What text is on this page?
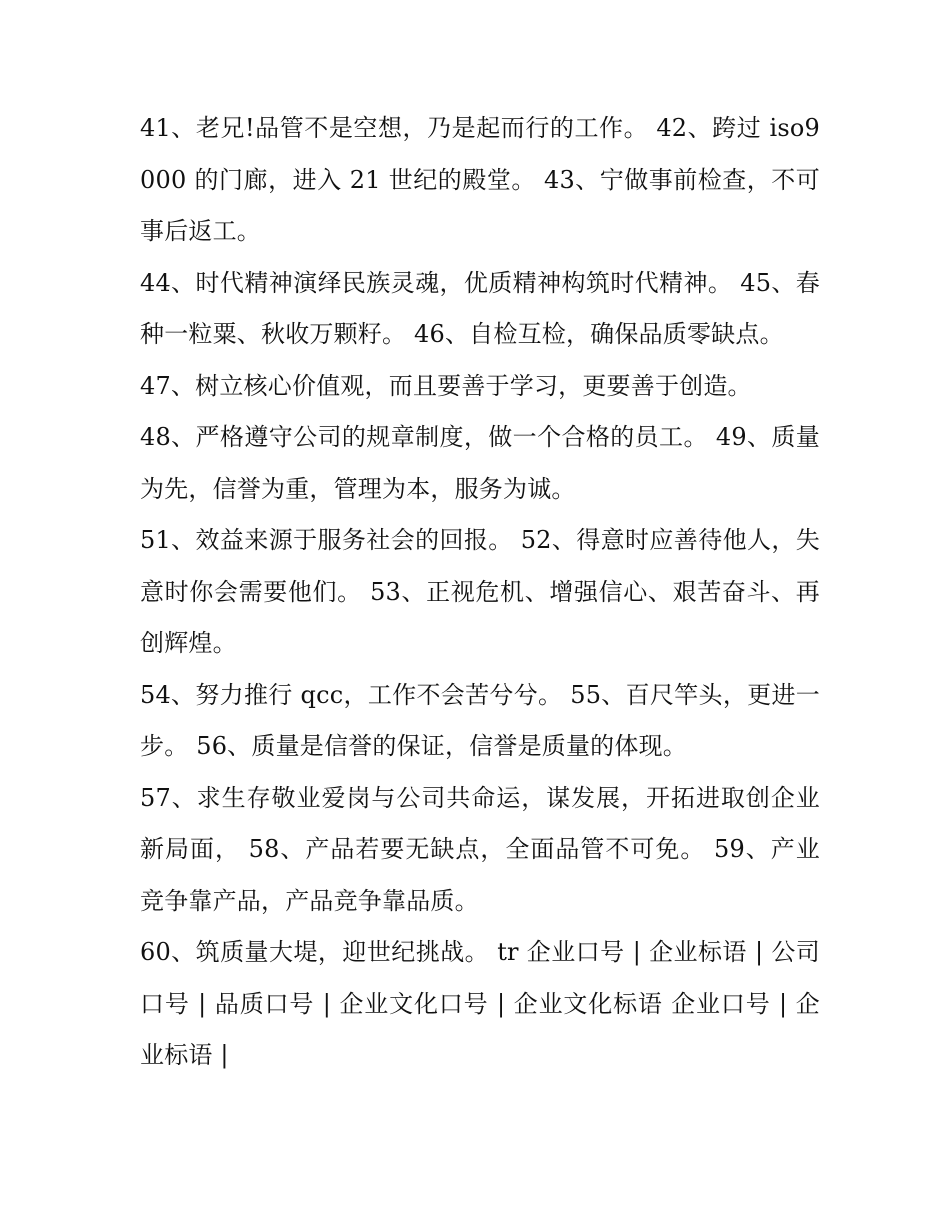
41、老兄!品管不是空想，乃是起而行的工作。 42、跨过 iso9000 的门廊，进入 21 世纪的殿堂。 43、宁做事前检查，不可事后返工。

44、时代精神演绎民族灵魂，优质精神构筑时代精神。 45、春种一粒粟、秋收万颗籽。 46、自检互检，确保品质零缺点。

47、树立核心价值观，而且要善于学习，更要善于创造。

48、严格遵守公司的规章制度，做一个合格的员工。 49、质量为先，信誉为重，管理为本，服务为诚。

51、效益来源于服务社会的回报。 52、得意时应善待他人，失意时你会需要他们。 53、正视危机、增强信心、艰苦奋斗、再创辉煌。

54、努力推行 qcc，工作不会苦兮兮。 55、百尺竿头，更进一步。 56、质量是信誉的保证，信誉是质量的体现。

57、求生存敬业爱岗与公司共命运，谋发展，开拓进取创企业新局面， 58、产品若要无缺点，全面品管不可免。 59、产业竞争靠产品，产品竞争靠品质。

60、筑质量大堤，迎世纪挑战。 tr 企业口号 | 企业标语 | 公司口号 | 品质口号 | 企业文化口号 | 企业文化标语 企业口号 | 企业标语 |
